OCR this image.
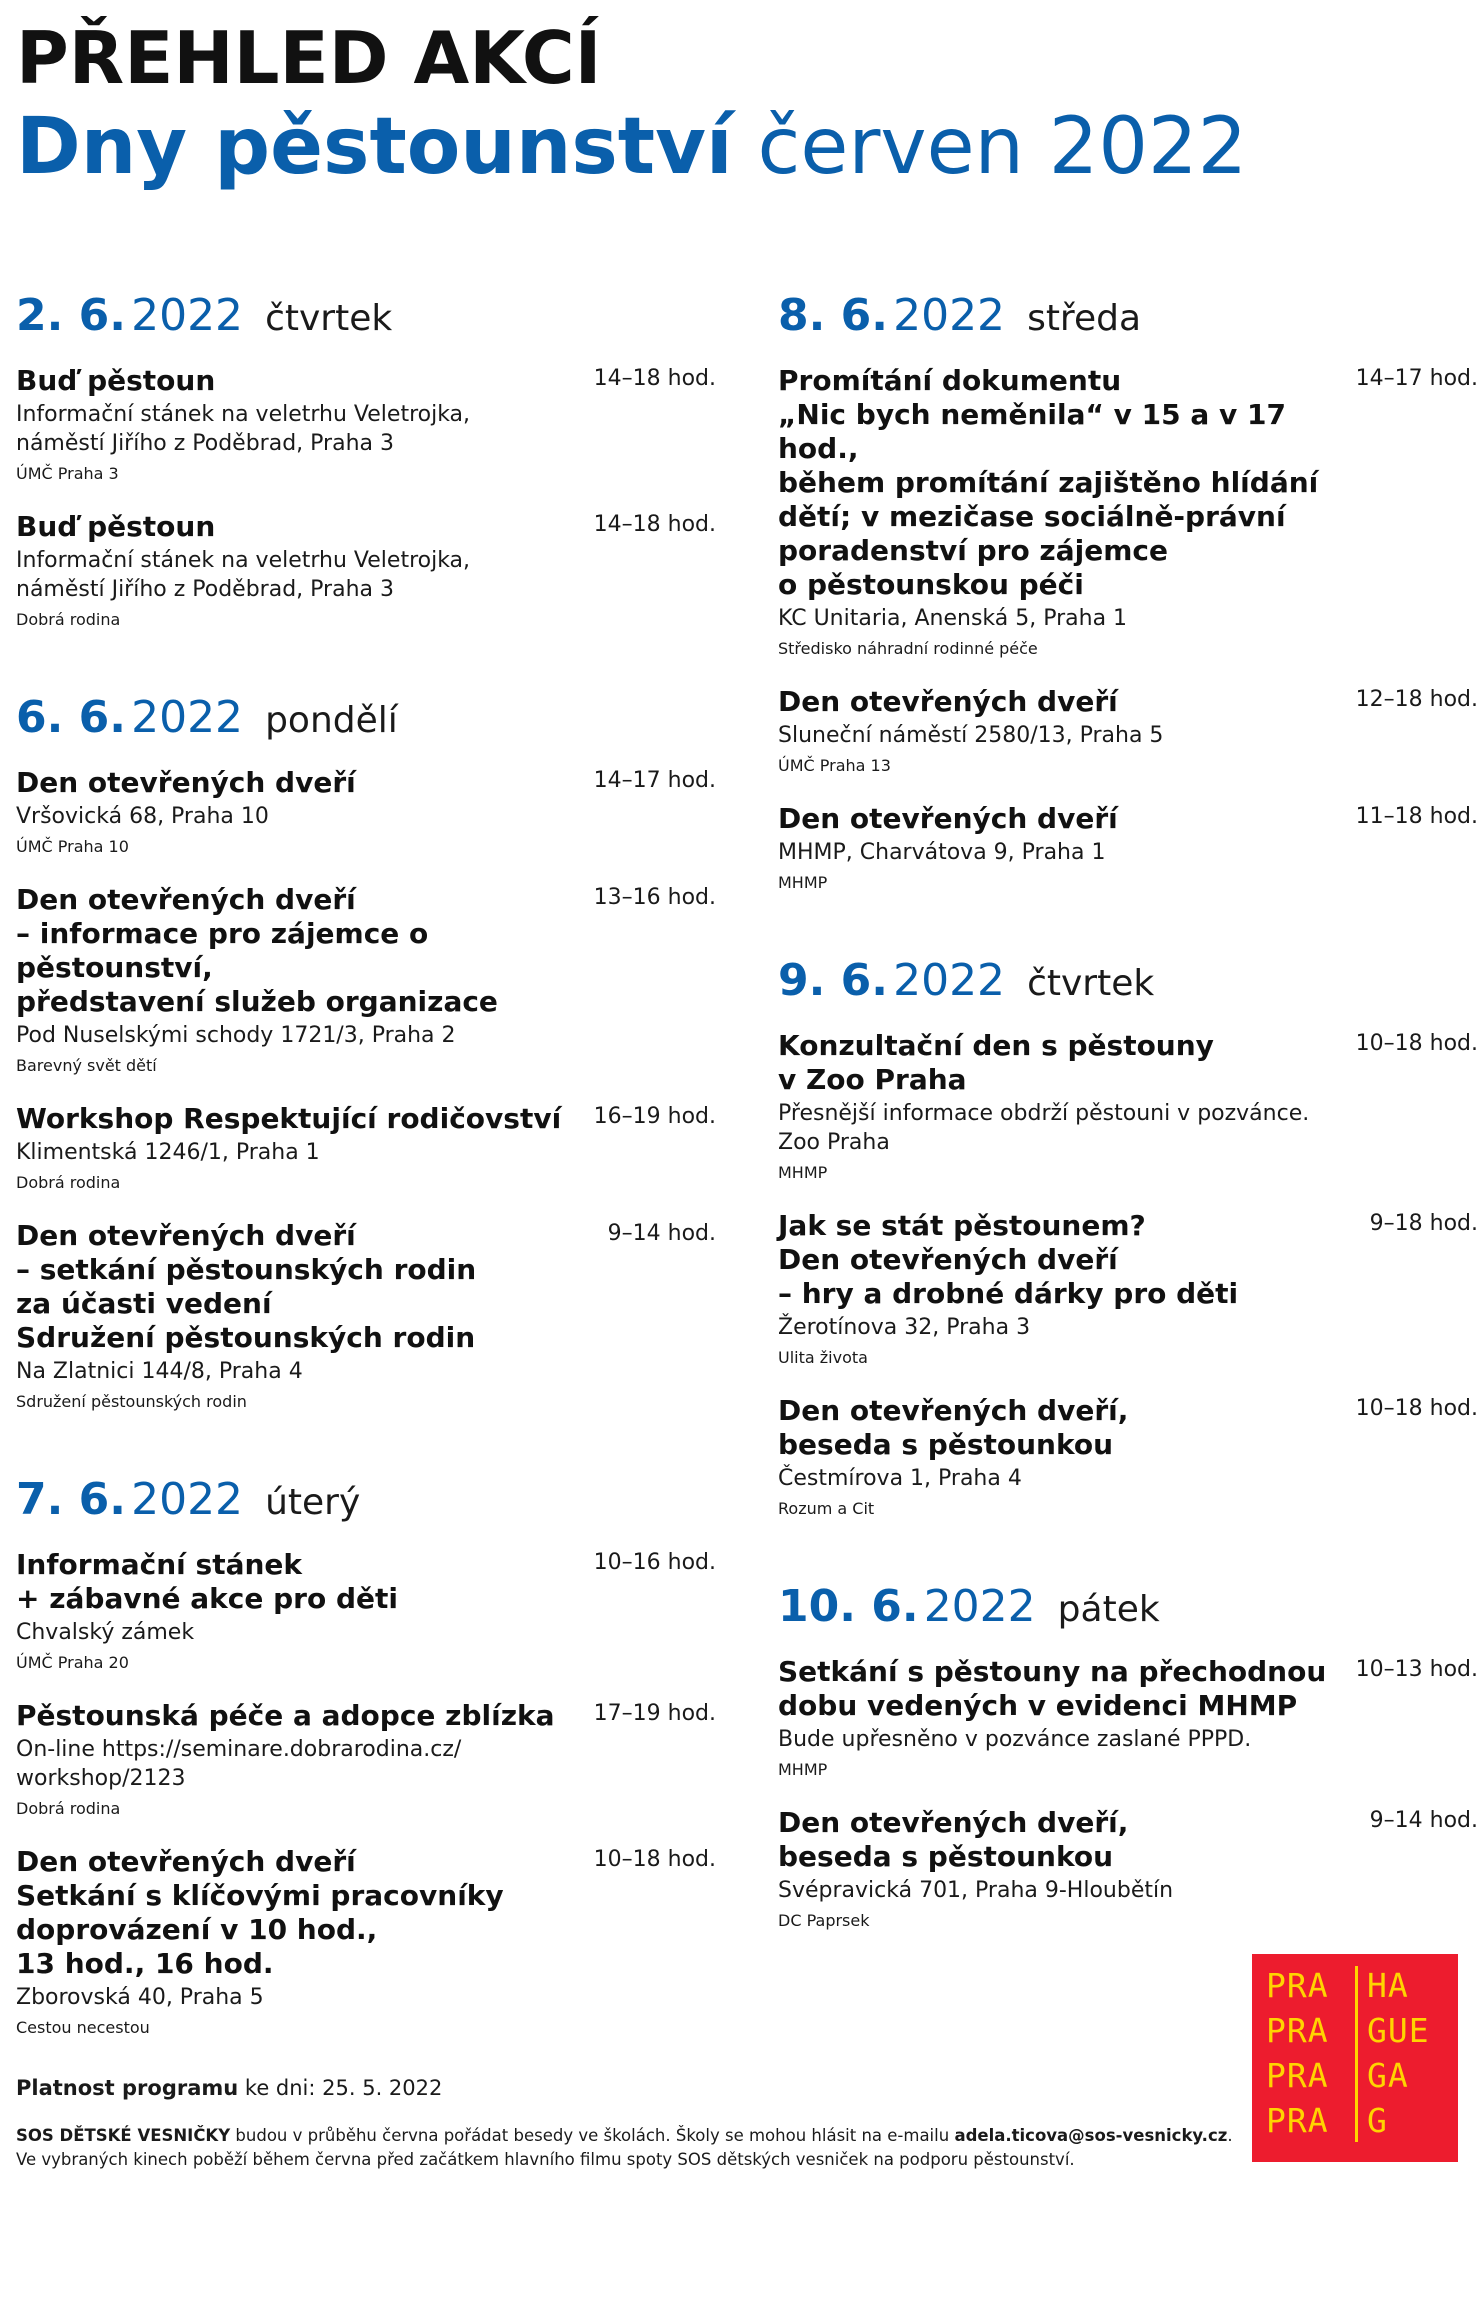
PŘEHLED AKCÍ
Dny pěstounství červen 2022
2. 6. 2022 čtvrtek
Buď pěstoun	14–18 hod.
Informační stánek na veletrhu Veletrojka,
náměstí Jiřího z Poděbrad, Praha 3
ÚMČ Praha 3
Buď pěstoun	14–18 hod.
Informační stánek na veletrhu Veletrojka,
náměstí Jiřího z Poděbrad, Praha 3
Dobrá rodina
6. 6. 2022 pondělí
Den otevřených dveří	14–17 hod.
Vršovická 68, Praha 10
ÚMČ Praha 10
Den otevřených dveří
– informace pro zájemce o pěstounství,
představení služeb organizace
13–16 hod.
Pod Nuselskými schody 1721/3, Praha 2
Barevný svět dětí
Workshop Respektující rodičovství	16–19 hod.
Klimentská 1246/1, Praha 1
Dobrá rodina
Den otevřených dveří
– setkání pěstounských rodin
za účasti vedení
Sdružení pěstounských rodin
9–14 hod.
Na Zlatnici 144/8, Praha 4
Sdružení pěstounských rodin
7. 6. 2022 úterý
Informační stánek
+ zábavné akce pro děti
10–16 hod.
Chvalský zámek
ÚMČ Praha 20
Pěstounská péče a adopce zblízka	17–19 hod.
On-line https://seminare.dobrarodina.cz/
workshop/2123
Dobrá rodina
Den otevřených dveří
Setkání s klíčovými pracovníky
doprovázení v 10 hod.,
13 hod., 16 hod.
10–18 hod.
Zborovská 40, Praha 5
Cestou necestou
8. 6. 2022 středa
Promítání dokumentu
„Nic bych neměnila“ v 15 a v 17 hod.,
během promítání zajištěno hlídání
dětí; v mezičase sociálně-právní
poradenství pro zájemce
o pěstounskou péči
14–17 hod.
KC Unitaria, Anenská 5, Praha 1
Středisko náhradní rodinné péče
Den otevřených dveří	12–18 hod.
Sluneční náměstí 2580/13, Praha 5
ÚMČ Praha 13
Den otevřených dveří	11–18 hod.
MHMP, Charvátova 9, Praha 1
MHMP
9. 6. 2022 čtvrtek
Konzultační den s pěstouny
v Zoo Praha
10–18 hod.
Přesnější informace obdrží pěstouni v pozvánce.
Zoo Praha
MHMP
Jak se stát pěstounem?
Den otevřených dveří
– hry a drobné dárky pro děti
9–18 hod.
Žerotínova 32, Praha 3
Ulita života
Den otevřených dveří,
beseda s pěstounkou
10–18 hod.
Čestmírova 1, Praha 4
Rozum a Cit
10. 6. 2022 pátek
Setkání s pěstouny na přechodnou
dobu vedených v evidenci MHMP
10–13 hod.
Bude upřesněno v pozvánce zaslané PPPD.
MHMP
Den otevřených dveří,
beseda s pěstounkou
9–14 hod.
Svépravická 701, Praha 9-Hloubětín
DC Paprsek
Platnost programu ke dni: 25. 5. 2022
SOS DĚTSKÉ VESNIČKY budou v průběhu června pořádat besedy ve školách. Školy se mohou hlásit na e-mailu adela.ticova@sos-vesnicky.cz.
Ve vybraných kinech poběží během června před začátkem hlavního filmu spoty SOS dětských vesniček na podporu pěstounství.
PRA HA
PRA GUE
PRA GA
PRA G
